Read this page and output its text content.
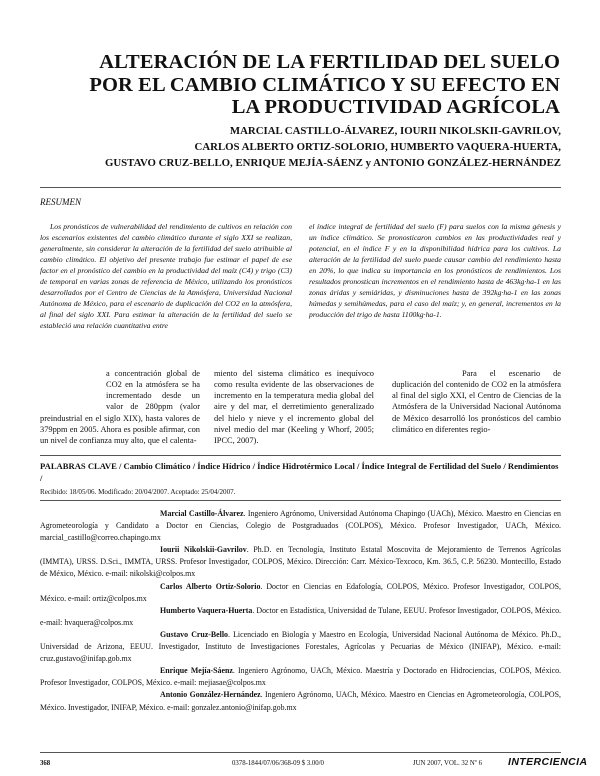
ALTERACIÓN DE LA FERTILIDAD DEL SUELO
POR EL CAMBIO CLIMÁTICO Y SU EFECTO EN
LA PRODUCTIVIDAD AGRÍCOLA
MARCIAL CASTILLO-ÁLVAREZ, IOURII NIKOLSKII-GAVRILOV,
CARLOS ALBERTO ORTIZ-SOLORIO, HUMBERTO VAQUERA-HUERTA,
GUSTAVO CRUZ-BELLO, ENRIQUE MEJÍA-SÁENZ y ANTONIO GONZÁLEZ-HERNÁNDEZ
RESUMEN

Los pronósticos de vulnerabilidad del rendimiento de cultivos en relación con los escenarios existentes del cambio climático durante el siglo XXI se realizan, generalmente, sin considerar la alteración de la fertilidad del suelo atribuible al cambio climático. El objetivo del presente trabajo fue estimar el papel de ese factor en el pronóstico del cambio en la productividad del maíz (C4) y trigo (C3) de temporal en varias zonas de referencia de México, utilizando los pronósticos desarrollados por el Centro de Ciencias de la Atmósfera, Universidad Nacional Autónoma de México, para el escenario de duplicación del CO2 en la atmósfera, al final del siglo XXI. Para estimar la alteración de la fertilidad del suelo se estableció una relación cuantitativa entre

el índice integral de fertilidad del suelo (F) para suelos con la misma génesis y un índice climático. Se pronosticaron cambios en las productividades real y potencial, en el índice F y en la disponibilidad hídrica para los cultivos. La alteración de la fertilidad del suelo puede causar cambio del rendimiento hasta en 20%, lo que indica su importancia en los pronósticos de rendimientos. Los resultados pronostican incrementos en el rendimiento hasta de 463kg·ha-1 en las zonas áridas y semiáridas, y disminuciones hasta de 392kg·ha-1 en las zonas húmedas y semihúmedas, para el caso del maíz; y, en general, incrementos en la producción del trigo de hasta 1100kg·ha-1.

a concentración global de CO2 en la atmósfera se ha incrementado desde un valor de 280ppm (valor preindustrial en el siglo XIX), hasta valores de 379ppm en 2005. Ahora es posible afirmar, con un nivel de confianza muy alto, que el calenta-

miento del sistema climático es inequívoco como resulta evidente de las observaciones de incremento en la temperatura media global del aire y del mar, el derretimiento generalizado del hielo y nieve y el incremento global del nivel medio del mar (Keeling y Whorf, 2005; IPCC, 2007).

Para el escenario de duplicación del contenido de CO2 en la atmósfera al final del siglo XXI, el Centro de Ciencias de la Atmósfera de la Universidad Nacional Autónoma de México desarrolló los pronósticos del cambio climático en diferentes regio-

PALABRAS CLAVE / Cambio Climático / Índice Hídrico / Índice Hidrotérmico Local / Índice Integral de Fertilidad del Suelo / Rendimientos /
Recibido: 18/05/06. Modificado: 20/04/2007. Aceptado: 25/04/2007.

Marcial Castillo-Álvarez. Ingeniero Agrónomo, Universidad Autónoma Chapingo (UACh), México. Maestro en Ciencias en Agrometeorología y Candidato a Doctor en Ciencias, Colegio de Postgraduados (COLPOS), México. Profesor Investigador, UACh, México. marcial_castillo@correo.chapingo.mx

Iourii Nikolskii-Gavrilov. Ph.D. en Tecnología, Instituto Estatal Moscovita de Mejoramiento de Terrenos Agrícolas (IMMTA), URSS. D.Sci., IMMTA, URSS. Profesor Investigador, COLPOS, México. Dirección: Carr. México-Texcoco, Km. 36.5, C.P. 56230. Montecillo, Estado de México, México. e-mail: nikolski@colpos.mx

Carlos Alberto Ortiz-Solorio. Doctor en Ciencias en Edafología, COLPOS, México. Profesor Investigador, COLPOS, México. e-mail: ortiz@colpos.mx

Humberto Vaquera-Huerta. Doctor en Estadística, Universidad de Tulane, EEUU. Profesor Investigador, COLPOS, México. e-mail: hvaquera@colpos.mx

Gustavo Cruz-Bello. Licenciado en Biología y Maestro en Ecología, Universidad Nacional Autónoma de México. Ph.D., Universidad de Arizona, EEUU. Investigador, Instituto de Investigaciones Forestales, Agrícolas y Pecuarias de México (INIFAP), México. e-mail: cruz.gustavo@inifap.gob.mx

Enrique Mejía-Sáenz. Ingeniero Agrónomo, UACh, México. Maestría y Doctorado en Hidrociencias, COLPOS, México. Profesor Investigador, COLPOS, México. e-mail: mejiasae@colpos.mx

Antonio González-Hernández. Ingeniero Agrónomo, UACh, México. Maestro en Ciencias en Agrometeorología, COLPOS, México. Investigador, INIFAP, México. e-mail: gonzalez.antonio@inifap.gob.mx

368	0378-1844/07/06/368-09 $ 3.00/0	JUN 2007, VOL. 32 Nº 6 INTERCIENCIA
